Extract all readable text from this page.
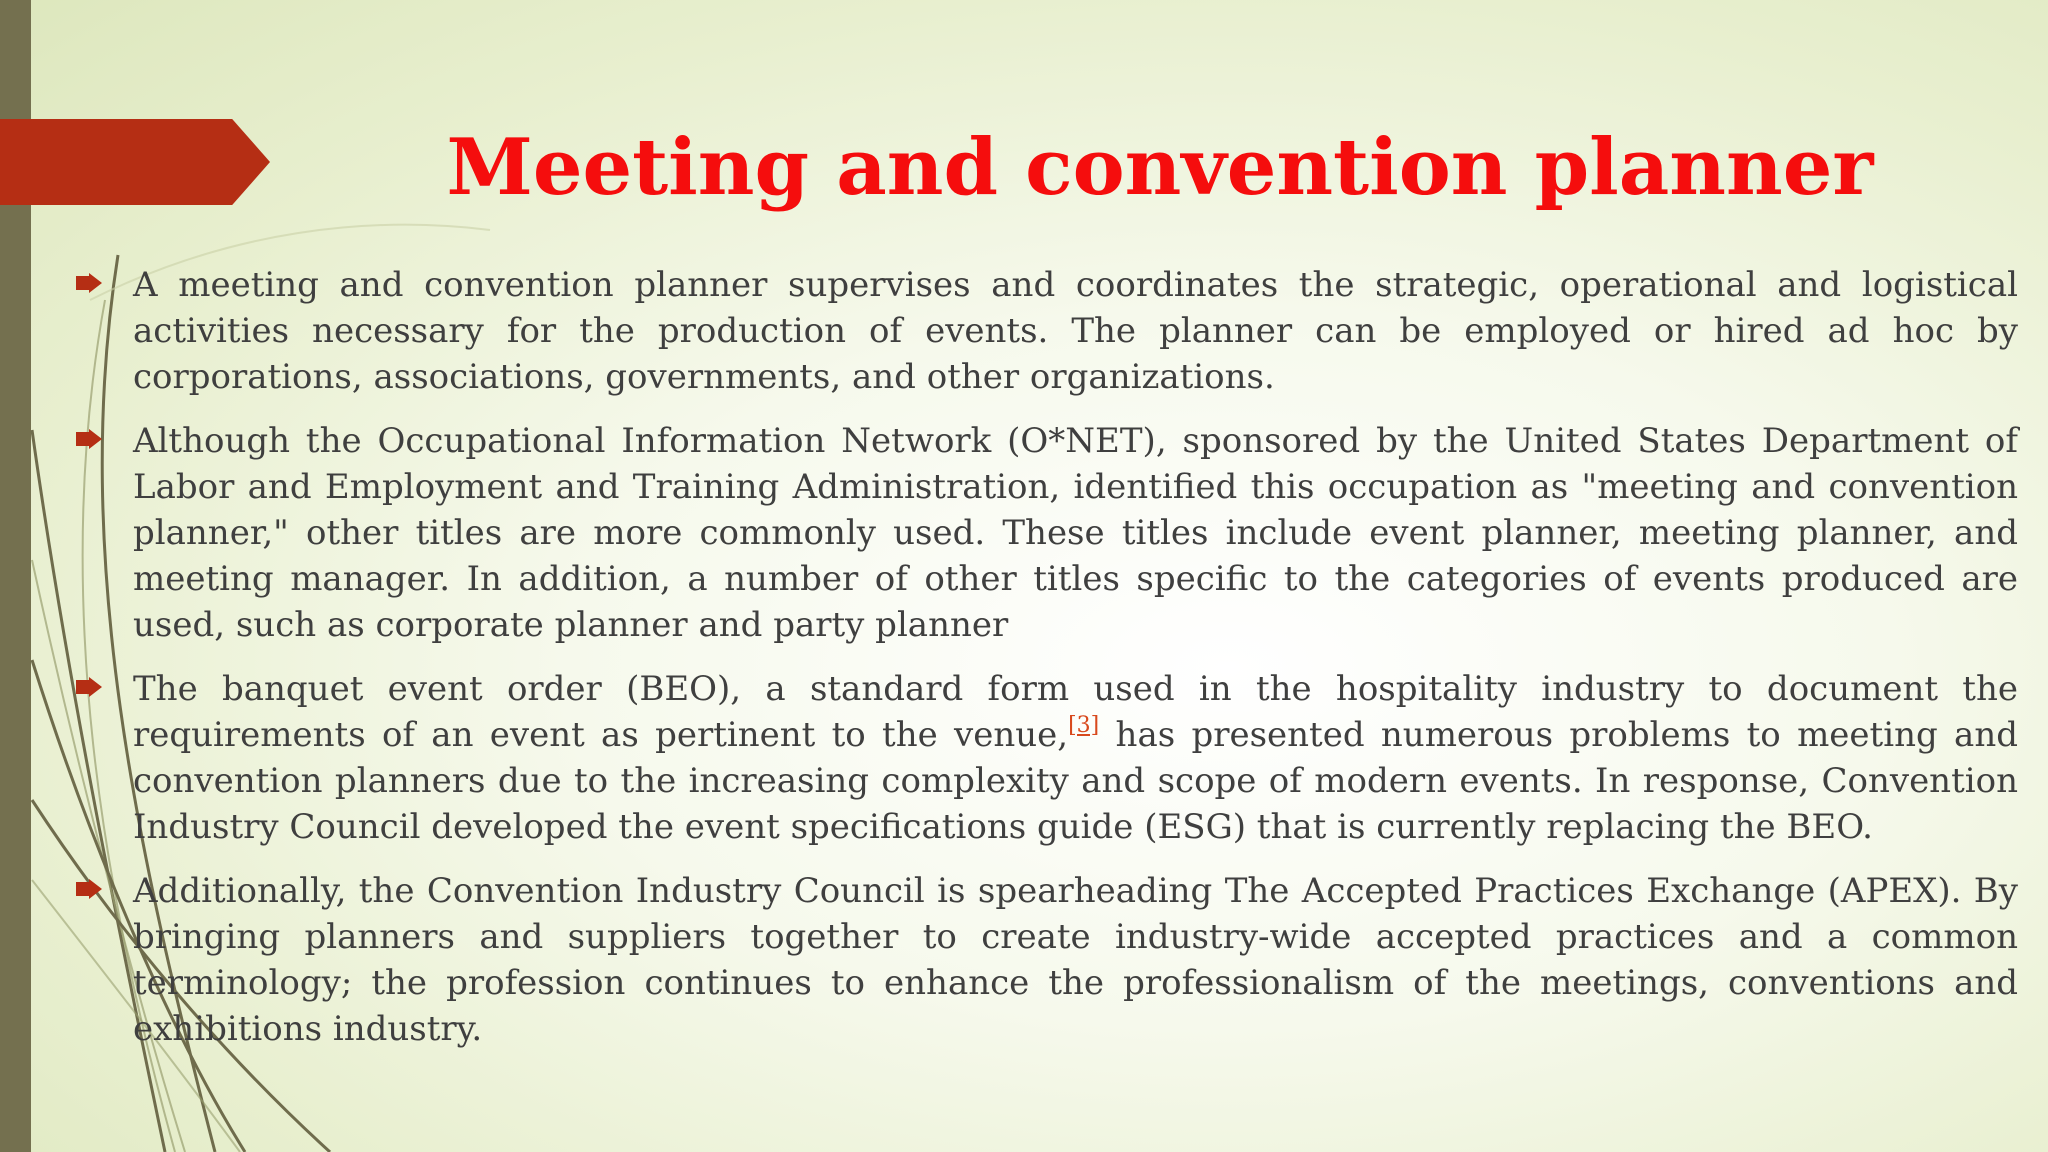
Meeting and convention planner
A meeting and convention planner supervises and coordinates the strategic, operational and logistical activities necessary for the production of events. The planner can be employed or hired ad hoc by corporations, associations, governments, and other organizations.
Although the Occupational Information Network (O*NET), sponsored by the United States Department of Labor and Employment and Training Administration, identified this occupation as "meeting and convention planner," other titles are more commonly used. These titles include event planner, meeting planner, and meeting manager. In addition, a number of other titles specific to the categories of events produced are used, such as corporate planner and party planner
The banquet event order (BEO), a standard form used in the hospitality industry to document the requirements of an event as pertinent to the venue,[3] has presented numerous problems to meeting and convention planners due to the increasing complexity and scope of modern events. In response, Convention Industry Council developed the event specifications guide (ESG) that is currently replacing the BEO.
Additionally, the Convention Industry Council is spearheading The Accepted Practices Exchange (APEX). By bringing planners and suppliers together to create industry-wide accepted practices and a common terminology; the profession continues to enhance the professionalism of the meetings, conventions and exhibitions industry.
